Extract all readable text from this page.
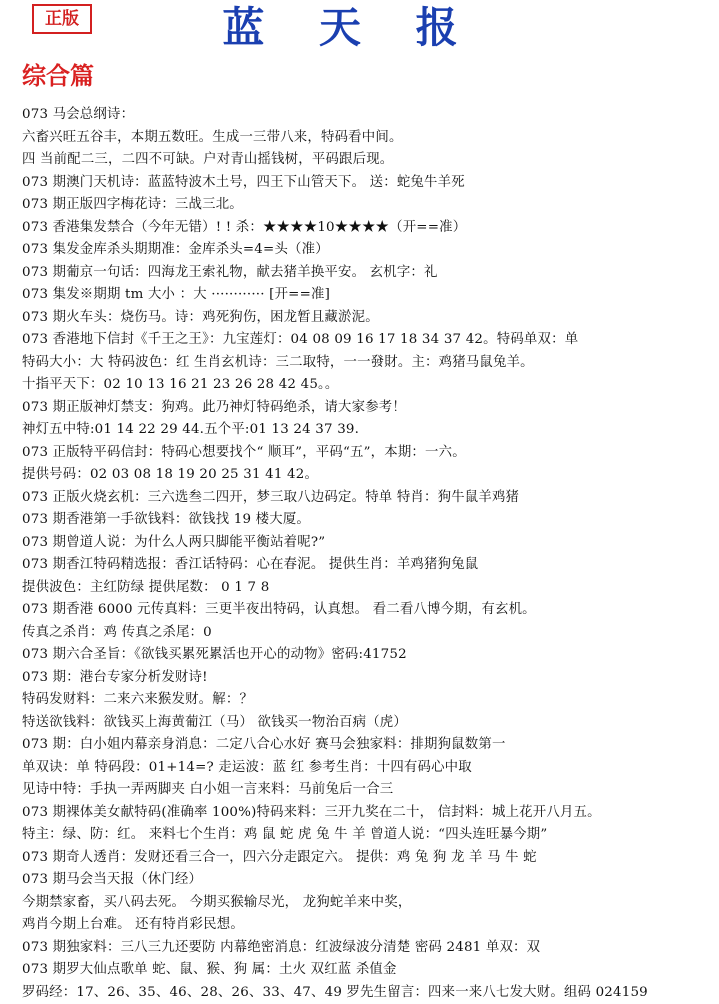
正版	蓝 天 报
综合篇
073 马会总纲诗：
六畜兴旺五谷丰，本期五数旺。生成一三带八来，特码看中间。
四 当前配二三，二四不可缺。户对青山摇钱树，平码跟后现。
073 期澳门天机诗：蓝蓝特波木土号，四王下山管天下。 送：蛇兔牛羊死
073 期正版四字梅花诗：三战三北。
073 香港集发禁合（今年无错）! ! 杀：★★★★10★★★★（开==准）
073 集发金库杀头期期准：金库杀头=4=头（准）
073 期葡京一句话：四海龙王索礼物，献去猪羊换平安。 玄机字：礼
073 集发※期期 tm 大小 ：大 ············ [开==准]
073 期火车头：烧伤马。诗：鸡死狗伤，困龙暂且藏淤泥。
073 香港地下信封《千王之王》：九宝莲灯：04 08 09 16 17 18 34 37 42。特码单双：单
特码大小：大 特码波色：红 生肖玄机诗：三二取特，一一發財。主：鸡猪马鼠兔羊。
十指平天下：02 10 13 16 21 23 26 28 42 45。。
073 期正版神灯禁支：狗鸡。此乃神灯特码绝杀，请大家参考！
神灯五中特:01 14 22 29 44.五个平:01 13 24 37 39.
073 正版特平码信封：特码心想要找个“ 顺耳”，平码“五”，本期：一六。
提供号码：02 03 08 18 19 20 25 31 41 42。
073 正版火烧玄机：三六选叁二四开，梦三取八边码定。特单 特肖：狗牛鼠羊鸡猪
073 期香港第一手欲钱料：欲钱找 19 楼大厦。
073 期曾道人说：为什么人两只脚能平衡站着呢?”
073 期香江特码精选报：香江话特码：心在春泥。 提供生肖：羊鸡猪狗兔鼠
提供波色：主红防绿 提供尾数： 0 1 7 8
073 期香港 6000 元传真料：三更半夜出特码，认真想。 看二看八博今期，有玄机。
传真之杀肖：鸡 传真之杀尾：0
073 期六合圣旨：《欲钱买累死累活也开心的动物》密码:41752
073 期：港台专家分析发财诗!
特码发财料：二来六来猴发财。解：？
特送欲钱料：欲钱买上海黄葡江（马） 欲钱买一物治百病（虎）
073 期：白小姐内幕亲身消息：二定八合心水好 赛马会独家料：排期狗鼠数第一
单双诀：单 特码段：01+14=? 走运波：蓝 红 参考生肖：十四有码心中取
见诗中特：手执一弄两脚夹 白小姐一言来料：马前兔后一合三
073 期裸体美女献特码(准确率 100%)特码来料：三开九奖在二十， 信封料：城上花开八月五。
特主：绿、防：红。 来料七个生肖：鸡 鼠 蛇 虎 兔 牛 羊 曾道人说：“四头连旺暴今期”
073 期奇人透肖：发财还看三合一，四六分走跟定六。 提供：鸡 兔 狗 龙 羊 马 牛 蛇
073 期马会当天报（休门经）
今期禁家畜，买八码去死。 今期买猴输尽光， 龙狗蛇羊来中奖，
鸡肖今期上台难。 还有特肖彩民想。
073 期独家料：三八三九还要防 内幕绝密消息：红波绿波分清楚 密码 2481 单双：双
073 期罗大仙点歌单 蛇、鼠、猴、狗 属：土火 双红蓝 杀值金
罗码经：17、26、35、46、28、26、33、47、49 罗先生留言：四来一来八七发大财。组码 024159
